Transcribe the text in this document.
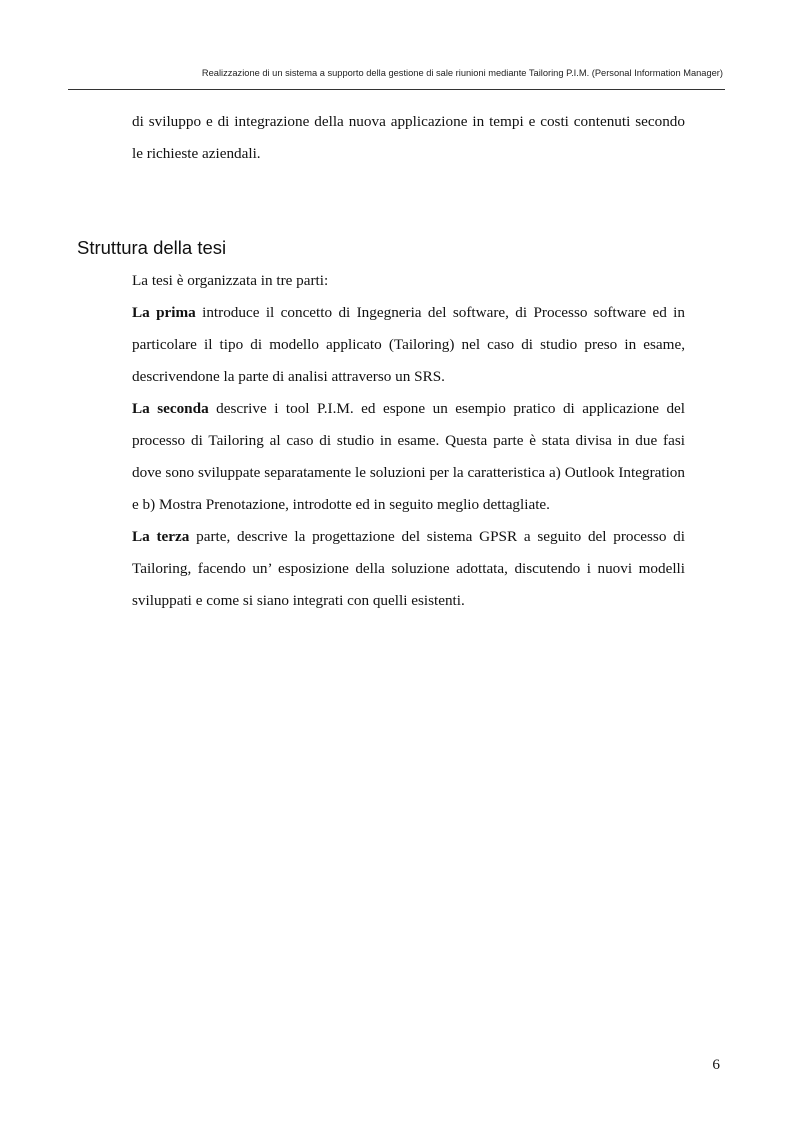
Realizzazione di un sistema a supporto della gestione di sale riunioni mediante Tailoring P.I.M. (Personal Information Manager)

di sviluppo e di integrazione della nuova applicazione in tempi e costi contenuti secondo le richieste aziendali.

Struttura della tesi

La tesi è organizzata in tre parti:

La prima introduce il concetto di Ingegneria del software, di Processo software ed in particolare il tipo di modello applicato (Tailoring) nel caso di studio preso in esame, descrivendone la parte di analisi attraverso un SRS.

La seconda descrive i tool P.I.M. ed espone un esempio pratico di applicazione del processo di Tailoring al caso di studio in esame. Questa parte è stata divisa in due fasi dove sono sviluppate separatamente le soluzioni per la caratteristica a) Outlook Integration e b) Mostra Prenotazione, introdotte ed in seguito meglio dettagliate.

La terza parte, descrive la progettazione del sistema GPSR a seguito del processo di Tailoring, facendo un’ esposizione della soluzione adottata, discutendo i nuovi modelli sviluppati e come si siano integrati con quelli esistenti.

6
